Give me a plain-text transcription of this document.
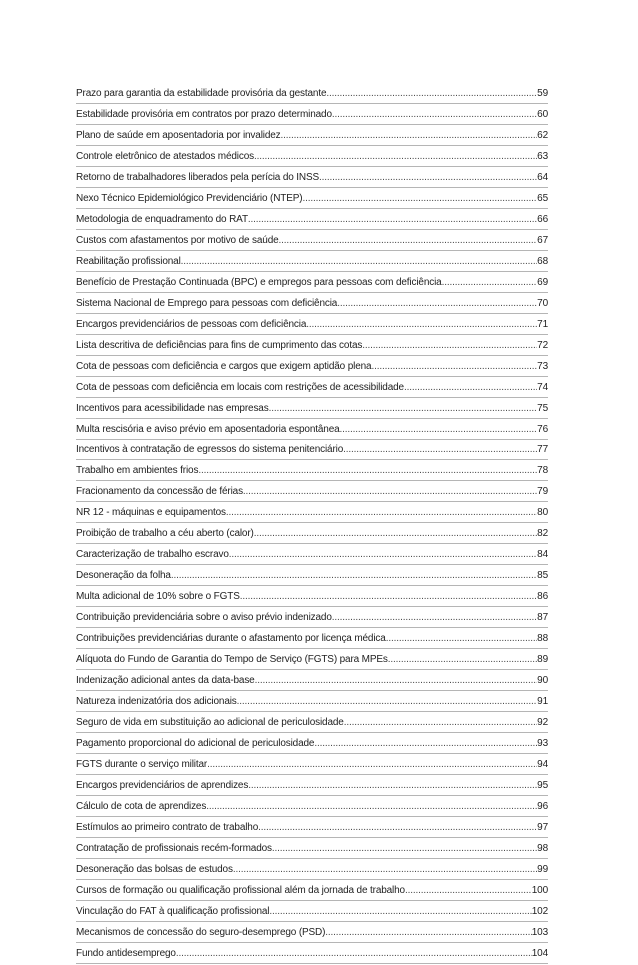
Prazo para garantia da estabilidade provisória da gestante .....	59
Estabilidade provisória em contratos por prazo determinado .....	60
Plano de saúde em aposentadoria por invalidez .....	62
Controle eletrônico de atestados médicos .....	63
Retorno de trabalhadores liberados pela perícia do INSS .....	64
Nexo Técnico Epidemiológico Previdenciário (NTEP) .....	65
Metodologia de enquadramento do RAT .....	66
Custos com afastamentos por motivo de saúde .....	67
Reabilitação profissional .....	68
Benefício de Prestação Continuada (BPC) e empregos para pessoas com deficiência .....	69
Sistema Nacional de Emprego para pessoas com deficiência .....	70
Encargos previdenciários de pessoas com deficiência .....	71
Lista descritiva de deficiências para fins de cumprimento das cotas .....	72
Cota de pessoas com deficiência e cargos que exigem aptidão plena .....	73
Cota de pessoas com deficiência em locais com restrições de acessibilidade .....	74
Incentivos para acessibilidade nas empresas .....	75
Multa rescisória e aviso prévio em aposentadoria espontânea .....	76
Incentivos à contratação de egressos do sistema penitenciário .....	77
Trabalho em ambientes frios .....	78
Fracionamento da concessão de férias .....	79
NR 12 - máquinas e equipamentos .....	80
Proibição de trabalho a céu aberto (calor) .....	82
Caracterização de trabalho escravo .....	84
Desoneração da folha .....	85
Multa adicional de 10% sobre o FGTS .....	86
Contribuição previdenciária sobre o aviso prévio indenizado .....	87
Contribuições previdenciárias durante o afastamento por licença médica .....	88
Alíquota do Fundo de Garantia do Tempo de Serviço (FGTS) para MPEs .....	89
Indenização adicional antes da data-base .....	90
Natureza indenizatória dos adicionais .....	91
Seguro de vida em substituição ao adicional de periculosidade .....	92
Pagamento proporcional do adicional de periculosidade .....	93
FGTS durante o serviço militar .....	94
Encargos previdenciários de aprendizes .....	95
Cálculo de cota de aprendizes .....	96
Estímulos ao primeiro contrato de trabalho .....	97
Contratação de profissionais recém-formados .....	98
Desoneração das bolsas de estudos .....	99
Cursos de formação ou qualificação profissional além da jornada de trabalho .....	100
Vinculação do FAT à qualificação profissional .....	102
Mecanismos de concessão do seguro-desemprego (PSD) .....	103
Fundo antidesemprego .....	104
